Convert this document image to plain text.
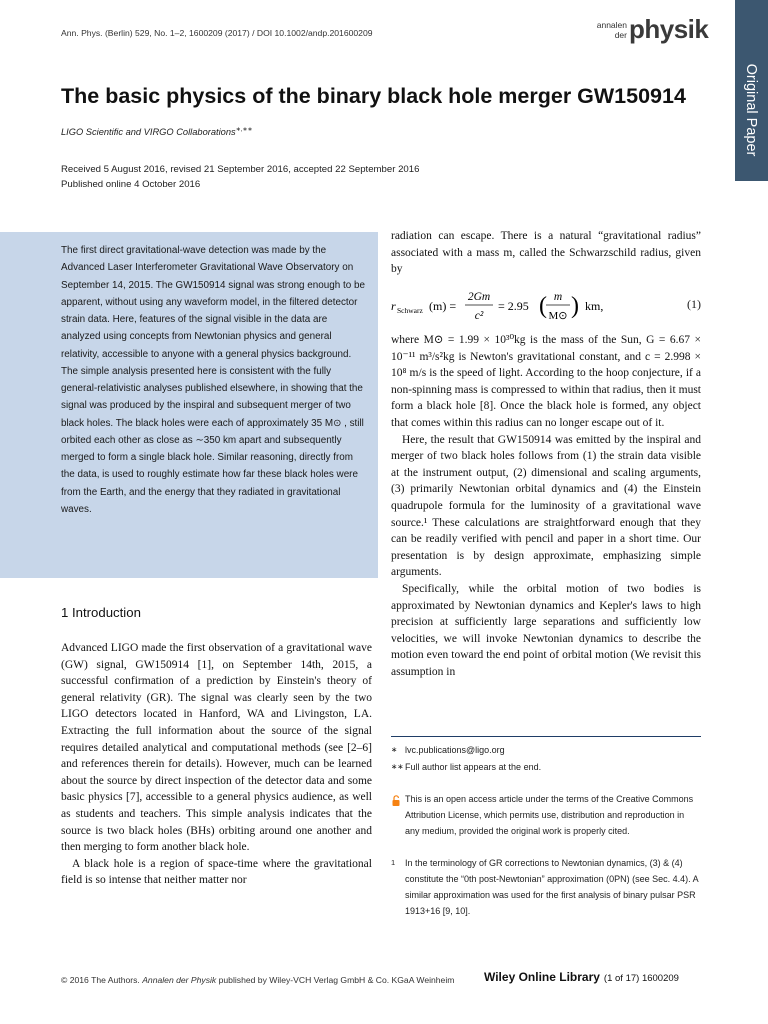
Ann. Phys. (Berlin) 529, No. 1–2, 1600209 (2017) / DOI 10.1002/andp.201600209
annalen
der physik
Original Paper
The basic physics of the binary black hole merger GW150914
LIGO Scientific and VIRGO Collaborations∗,∗∗
Received 5 August 2016, revised 21 September 2016, accepted 22 September 2016
Published online 4 October 2016

The first direct gravitational-wave detection was made by the Advanced Laser Interferometer Gravitational Wave Observatory on September 14, 2015. The GW150914 signal was strong enough to be apparent, without using any waveform model, in the filtered detector strain data. Here, features of the signal visible in the data are analyzed using concepts from Newtonian physics and general relativity, accessible to anyone with a general physics background. The simple analysis presented here is consistent with the fully general-relativistic analyses published elsewhere, in showing that the signal was produced by the inspiral and subsequent merger of two black holes. The black holes were each of approximately 35 M⊙ , still orbited each other as close as ∼350 km apart and subsequently merged to form a single black hole. Similar reasoning, directly from the data, is used to roughly estimate how far these black holes were from the Earth, and the energy that they radiated in gravitational waves.

1 Introduction

Advanced LIGO made the first observation of a gravitational wave (GW) signal, GW150914 [1], on September 14th, 2015, a successful confirmation of a prediction by Einstein's theory of general relativity (GR). The signal was clearly seen by the two LIGO detectors located in Hanford, WA and Livingston, LA. Extracting the full information about the source of the signal requires detailed analytical and computational methods (see [2–6] and references therein for details). However, much can be learned about the source by direct inspection of the detector data and some basic physics [7], accessible to a general physics audience, as well as students and teachers. This simple analysis indicates that the source is two black holes (BHs) orbiting around one another and then merging to form another black hole.

A black hole is a region of space-time where the gravitational field is so intense that neither matter nor

radiation can escape. There is a natural “gravitational radius” associated with a mass m, called the Schwarzschild radius, given by

r Schwarz (m) =
2Gm
c²
= 2.95 ( m
M⊙ ) km,	(1)

where M⊙ = 1.99 × 10³⁰kg is the mass of the Sun, G = 6.67 × 10⁻¹¹ m³/s²kg is Newton's gravitational constant, and c = 2.998 × 10⁸ m/s is the speed of light. According to the hoop conjecture, if a non-spinning mass is compressed to within that radius, then it must form a black hole [8]. Once the black hole is formed, any object that comes within this radius can no longer escape out of it.

Here, the result that GW150914 was emitted by the inspiral and merger of two black holes follows from (1) the strain data visible at the instrument output, (2) dimensional and scaling arguments, (3) primarily Newtonian orbital dynamics and (4) the Einstein quadrupole formula for the luminosity of a gravitational wave source.¹ These calculations are straightforward enough that they can be readily verified with pencil and paper in a short time. Our presentation is by design approximate, emphasizing simple arguments.

Specifically, while the orbital motion of two bodies is approximated by Newtonian dynamics and Kepler's laws to high precision at sufficiently large separations and sufficiently low velocities, we will invoke Newtonian dynamics to describe the motion even toward the end point of orbital motion (We revisit this assumption in

∗ lvc.publications@ligo.org
∗∗ Full author list appears at the end.
This is an open access article under the terms of the Creative Commons Attribution License, which permits use, distribution and reproduction in any medium, provided the original work is properly cited.
1 In the terminology of GR corrections to Newtonian dynamics, (3) & (4) constitute the “0th post-Newtonian” approximation (0PN) (see Sec. 4.4). A similar approximation was used for the first analysis of binary pulsar PSR 1913+16 [9, 10].
© 2016 The Authors. Annalen der Physik published by Wiley-VCH Verlag GmbH & Co. KGaA Weinheim Wiley Online Library (1 of 17) 1600209
